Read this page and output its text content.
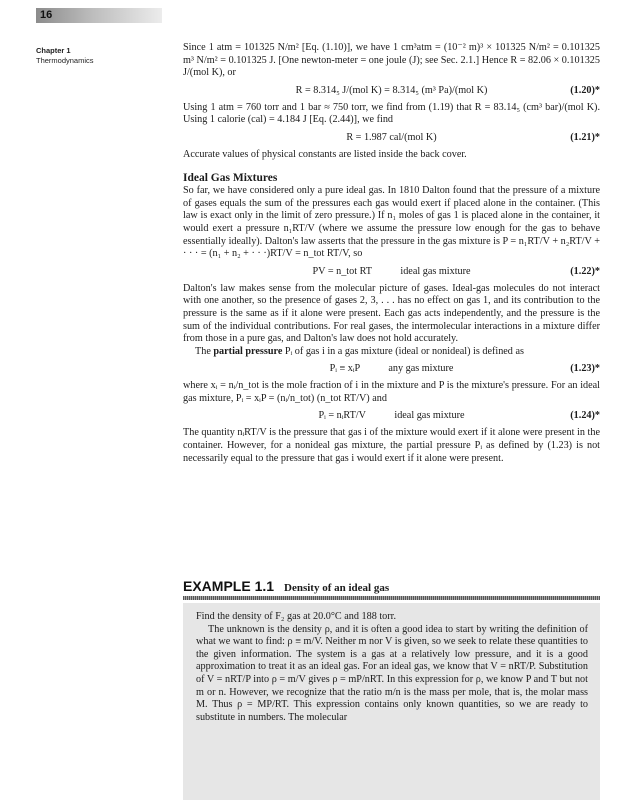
16
Chapter 1
Thermodynamics

Since 1 atm = 101325 N/m² [Eq. (1.10)], we have 1 cm³atm = (10⁻² m)³ × 101325 N/m² = 0.101325 m³ N/m² = 0.101325 J. [One newton-meter = one joule (J); see Sec. 2.1.] Hence R = 82.06 × 0.101325 J/(mol K), or

R = 8.314₅ J/(mol K) = 8.314₅ (m³ Pa)/(mol K)	(1.20)*

Using 1 atm = 760 torr and 1 bar ≈ 750 torr, we find from (1.19) that R = 83.14₅ (cm³ bar)/(mol K). Using 1 calorie (cal) = 4.184 J [Eq. (2.44)], we find

R = 1.987 cal/(mol K)	(1.21)*

Accurate values of physical constants are listed inside the back cover.

Ideal Gas Mixtures

So far, we have considered only a pure ideal gas. In 1810 Dalton found that the pressure of a mixture of gases equals the sum of the pressures each gas would exert if placed alone in the container. (This law is exact only in the limit of zero pressure.) If n₁ moles of gas 1 is placed alone in the container, it would exert a pressure n₁RT/V (where we assume the pressure low enough for the gas to behave essentially ideally). Dalton's law asserts that the pressure in the gas mixture is P = n₁RT/V + n₂RT/V + · · · = (n₁ + n₂ + · · ·)RT/V = n_tot RT/V, so

PV = n_tot RT	ideal gas mixture	(1.22)*

Dalton's law makes sense from the molecular picture of gases. Ideal-gas molecules do not interact with one another, so the presence of gases 2, 3, . . . has no effect on gas 1, and its contribution to the pressure is the same as if it alone were present. Each gas acts independently, and the pressure is the sum of the individual contributions. For real gases, the intermolecular interactions in a mixture differ from those in a pure gas, and Dalton's law does not hold accurately.

The partial pressure Pᵢ of gas i in a gas mixture (ideal or nonideal) is defined as

Pᵢ ≡ xᵢP	any gas mixture	(1.23)*

where xᵢ = nᵢ/n_tot is the mole fraction of i in the mixture and P is the mixture's pressure. For an ideal gas mixture, Pᵢ = xᵢP = (nᵢ/n_tot) (n_tot RT/V) and

Pᵢ = nᵢRT/V	ideal gas mixture	(1.24)*

The quantity nᵢRT/V is the pressure that gas i of the mixture would exert if it alone were present in the container. However, for a nonideal gas mixture, the partial pressure Pᵢ as defined by (1.23) is not necessarily equal to the pressure that gas i would exert if it alone were present.

EXAMPLE 1.1 Density of an ideal gas

Find the density of F₂ gas at 20.0°C and 188 torr.

The unknown is the density ρ, and it is often a good idea to start by writing the definition of what we want to find: ρ ≡ m/V. Neither m nor V is given, so we seek to relate these quantities to the given information. The system is a gas at a relatively low pressure, and it is a good approximation to treat it as an ideal gas. For an ideal gas, we know that V = nRT/P. Substitution of V = nRT/P into ρ = m/V gives ρ = mP/nRT. In this expression for ρ, we know P and T but not m or n. However, we recognize that the ratio m/n is the mass per mole, that is, the molar mass M. Thus ρ = MP/RT. This expression contains only known quantities, so we are ready to substitute in numbers. The molecular
